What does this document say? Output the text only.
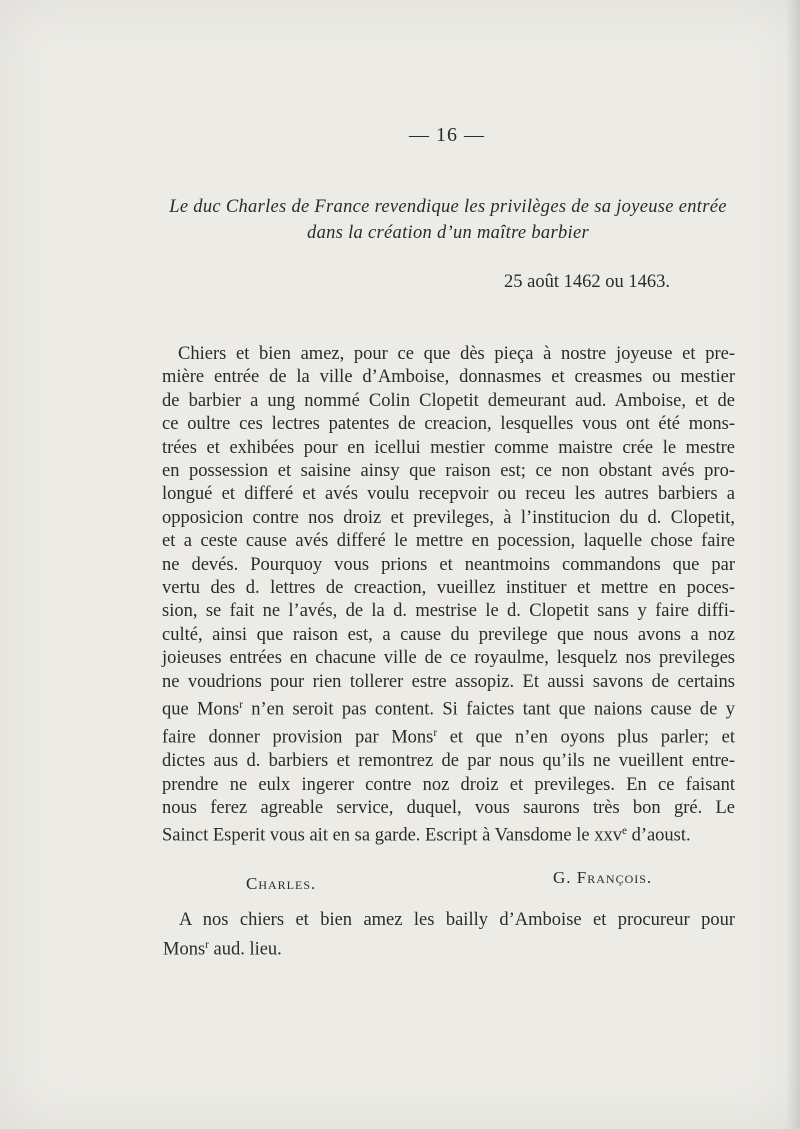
— 16 —
Le duc Charles de France revendique les privilèges de sa joyeuse entrée
dans la création d’un maître barbier
25 août 1462 ou 1463.
Chiers et bien amez, pour ce que dès pieça à nostre joyeuse et pre-
mière entrée de la ville d’Amboise, donnasmes et creasmes ou mestier
de barbier a ung nommé Colin Clopetit demeurant aud. Amboise, et de
ce oultre ces lectres patentes de creacion, lesquelles vous ont été mons-
trées et exhibées pour en icellui mestier comme maistre crée le mestre
en possession et saisine ainsy que raison est; ce non obstant avés pro-
longué et differé et avés voulu recepvoir ou receu les autres barbiers a
opposicion contre nos droiz et previleges, à l’institucion du d. Clopetit,
et a ceste cause avés differé le mettre en pocession, laquelle chose faire
ne devés. Pourquoy vous prions et neantmoins commandons que par
vertu des d. lettres de creaction, vueillez instituer et mettre en poces-
sion, se fait ne l’avés, de la d. mestrise le d. Clopetit sans y faire diffi-
culté, ainsi que raison est, a cause du previlege que nous avons a noz
joieuses entrées en chacune ville de ce royaulme, lesquelz nos previleges
ne voudrions pour rien tollerer estre assopiz. Et aussi savons de certains
que Mons$^r$ n’en seroit pas content. Si faictes tant que naions cause de y
faire donner provision par Mons$^r$ et que n’en oyons plus parler; et
dictes aus d. barbiers et remontrez de par nous qu’ils ne vueillent entre-
prendre ne eulx ingerer contre noz droiz et previleges. En ce faisant
nous ferez agreable service, duquel, vous saurons très bon gré. Le
Sainct Esperit vous ait en sa garde. Escript à Vansdome le xxv$^e$ d’aoust.
Charles.	G. François.
A nos chiers et bien amez les bailly d’Amboise et procureur pour
Mons$^r$ aud. lieu.
